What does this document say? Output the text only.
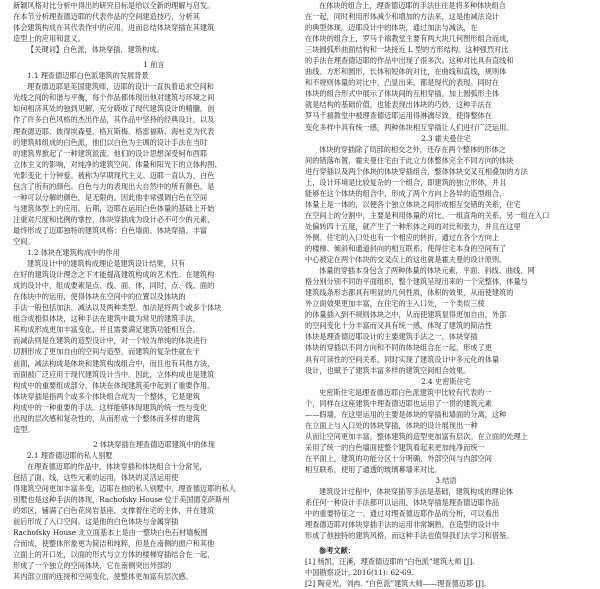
新颖风格对比分析中得出的研究目标是给以全新的理解与启发。
在本节分析理查德迈耶的代表作品的空间建造技巧，分析其
体会建筑构成在其代表作中的应用，进而总结体块穿插在其建筑
造型上的应用和意义。
【关键词】白色派，体块穿插，建筑构成。
1 前言
1.1 理查德迈耶白色派建筑的发展背景
理查德迈耶是美国建筑师，迈耶的设计一直执着追求空间和
光线之间的和谐与平衡，每个作品都体现出他对建筑与环境之间
如何相济其处的独到见解，充分吸收了现代建筑设计的精髓，创
作了许多白色风格的杰出作品，其作品中坚持的经典设计，以及
理查德迈耶、彼得埃森曼、格瓦斯梅、格雷福斯、海杜克为代表
的建筑师组成的白色派，他们以白色为主调的设计手法在当时
的建筑界掀起了一种建筑派流。他们的设计思想深受柯布西耶
立体主义的影响，对纯净的建筑空间、体量和阳光下的立体构图、
光影变化十分钟爱。被称为早期现代主义。迈耶一直认为，白色
包含了所有的颜色。白色与力的表现出大自然中的所有颜色，是
一种可以分解的颜色，是无限的。因此他非常强调白色在空间
与建筑体型上的应用。后期，迈耶在运用白色体量的基础上开始
注重对尺度和比例的掌控，体块穿插成为设计必不可少的元素，
最终形成了迈耶独特的建筑风格：白色墙面、体块穿插、丰富
空间。
1.2 体块在建筑构成中的作用
建筑设计中的建筑构成理论是建筑设计结果，只有
在好的建筑设计理念之下才能提高建筑构成的艺术性。在建筑构
成的设计中，组成要素是点、线、面、体，同时，点、线、面的
在体块中的运用，使得体块在空间中的位置以及体块的
手法一般包括加法、减法以及两种类型。加法是将两个或多个体块
组合成相似体块，这种手法在建筑中最为常见的建筑手法，
其构成形成更加丰富变化，并且需要满足建筑功能相互合，
而减法则是在建筑的造型设计中，对一个较为单纯的体块进行
切割形成了更加自由的空间与造型，而建筑的复杂性就在于
前面，减法构成是体块和建筑构成组合中，而且也有其他方法，
而面被广泛应用于现代建筑设计当中。因此，立体构成也是建筑
构成中的重要组成部分，体块在体现建筑美中起到了重要作用。
体块穿插是指两个或多个体块组合成为一个整体，它是建筑
构成中的一种重要的手法。这样能够体现建筑的统一性与变化
出现的层次感和复杂性的，从而形成一个整体而多样的建筑
造型。
2 体块穿插在理查德迈耶建筑中的体现
2.1 理查德迈耶的私人别墅
在理查德迈耶的作品中，体块穿插和体块组合十分常见，
包括了面、线，这些元素的运用，体块的灵活运用使
得建筑空间更加丰富多变，迈耶在他的私人别墅中，理查德迈耶的私人
别墅也是这种手法的体现，Rachofsky House 位于美国德克萨斯州
的郊区，铺满了白色花岗岩基座，支撑着住宅的主体，并在建筑
前后形成了入口空间。这是他的白色体块与金属穿插
Rachofsky House 北立面基本上是由一整块白色石材墙板围
合而成，使整体形象更为简洁和纯粹，但是在南侧的窗户和其他
立面上的开口处，以面的形式与立方体的楼梯穿插结合在一起，
形成了一个独立的空间体块，它在南侧突出外部的
其内部立面的连接和空间变化，使整体更加富有层次感。
在体块的组合上，理查德迈耶的手法往往是将多种体块组合
在一起，同时利用形体减少和增加的方法来，这是他减法设计
的典型体现。迈耶设计中的体块，通过加法与减法，在
在体块的组合上，罗马千禧教堂主要有两大块几何图形组合而成，
三块圆弧形曲面结构和一块接近 L 型的方形结构。这种强烈对比
的手法在理查德迈耶的作品中出现了很多次。这种对比具有直线和
曲线、方形和圆形，长体和短体的对比，在曲线和直线，规则体
和不规则体量的对比中，凸显出来，都是现代的表现。同时在
体块的组合形式中展示了体块间的互相穿插，加上圆弧形主体
就是结构的基础价值，也能表现出体块的巧妙，这种手法在
罗马千禧教堂中被理查德迈耶运用得淋漓尽致，使得整体在
变化多样中具有统一感，两种体块相互穿插让人们进行广泛运用。
2.3 霍夫曼住宅
体块的穿插除了局部的相交之外，还存在两个整体的形体之
间的错落布置，霍夫曼住宅由于此立方体整体完全不同方向的体块
进行穿插以及两个体块的体块穿插组合，整体体块交叉互相叠加的方法
上，设计环境是比较复杂的一个组合，即建筑的独立形体，并且
能够在这个体块的组合中，形成了两个方向上各异的造型组合，
体量上是一体的，以便各个独立体块之间形成相互交错的关系，住宅
在空间上的分割中，主要是利用体量的对比、一组直角的关系，另一组在入口
处偏转四十五度，就产生了一种形体之间的对比和张力，并且在这里
外侧。住宅的入口处也有一个相应的转折，通过在各个方向上
的楼梯、倾斜和通道斜向的相互联系，使得住宅本身的空间有了
中心被定在两个体块的交叉点上的这也就是霍夫曼的设计原则。
体量的穿插本身包含了两种体量的体块元素，平面、斜线、曲线、网
格分别分别不同的平面组织，整个建筑呈现出来的一个完整体，体量与
建筑线条形态都具有明显的几何性质，体积的效果，从而使建筑的
外立面效果更加丰富，在住宅的主入口处，一个类似三棱
的体量插入到不规则体块之中，从而使建筑显得更加自由，外部
的空间变化十分丰富而又具有统一感，体现了建筑的简洁性
体块是理查德迈耶设计的主要建筑手法之一，体块穿插
体块的穿插以不同方向和不同的体块组合在一起，形成了更
具有可读性的空间关系，同时实现了建筑设计中多元化的体量
设计，也赋予了建筑丰富多样的建筑空间组合效果。
2.4 史密斯住宅
史密斯住宅是理查德迈耶白色派建筑中比较有代表的一
个，同样在这座建筑中理查德迈耶也运用了一贯的建筑元素
——假墙，在这里运用的主要是体块的穿插和墙面的分离，这种
在立面上与入口处的体块穿插，体块的设计展现出一种
从而让空间更加丰富，整体建筑的造型更加富有层次。在立面的处理上
采用了统一的白色墙面使整个建筑看起来更加纯净而统一
在平面上，建筑的功能分区十分明确，外部空间与内部空间
相互联系，使用了通透的玻璃幕墙来对比。
3 结语
建筑设计过程中，体块穿插等手法是基础，建筑构成的理论体
系任何一种设计手法都可以运用，体块穿插是理查德迈耶作品
中的重要特征之一。通过对理查德迈耶作品的分析，可以看出
理查德迈耶对体块穿插手法的运用非常娴熟，在造型的设计中
形成了他独特的建筑风格，而这种手法也值得我们去学习和借鉴。
参考文献：
[1] 杨凯，汪溪，理查德迈耶的“白色派”建筑大师 [J].
中国勘察设计, 2016(11): 62-69.
[2] 陶竞光，刘冉. “白色派”建筑大师——理查德迈耶 [J].
